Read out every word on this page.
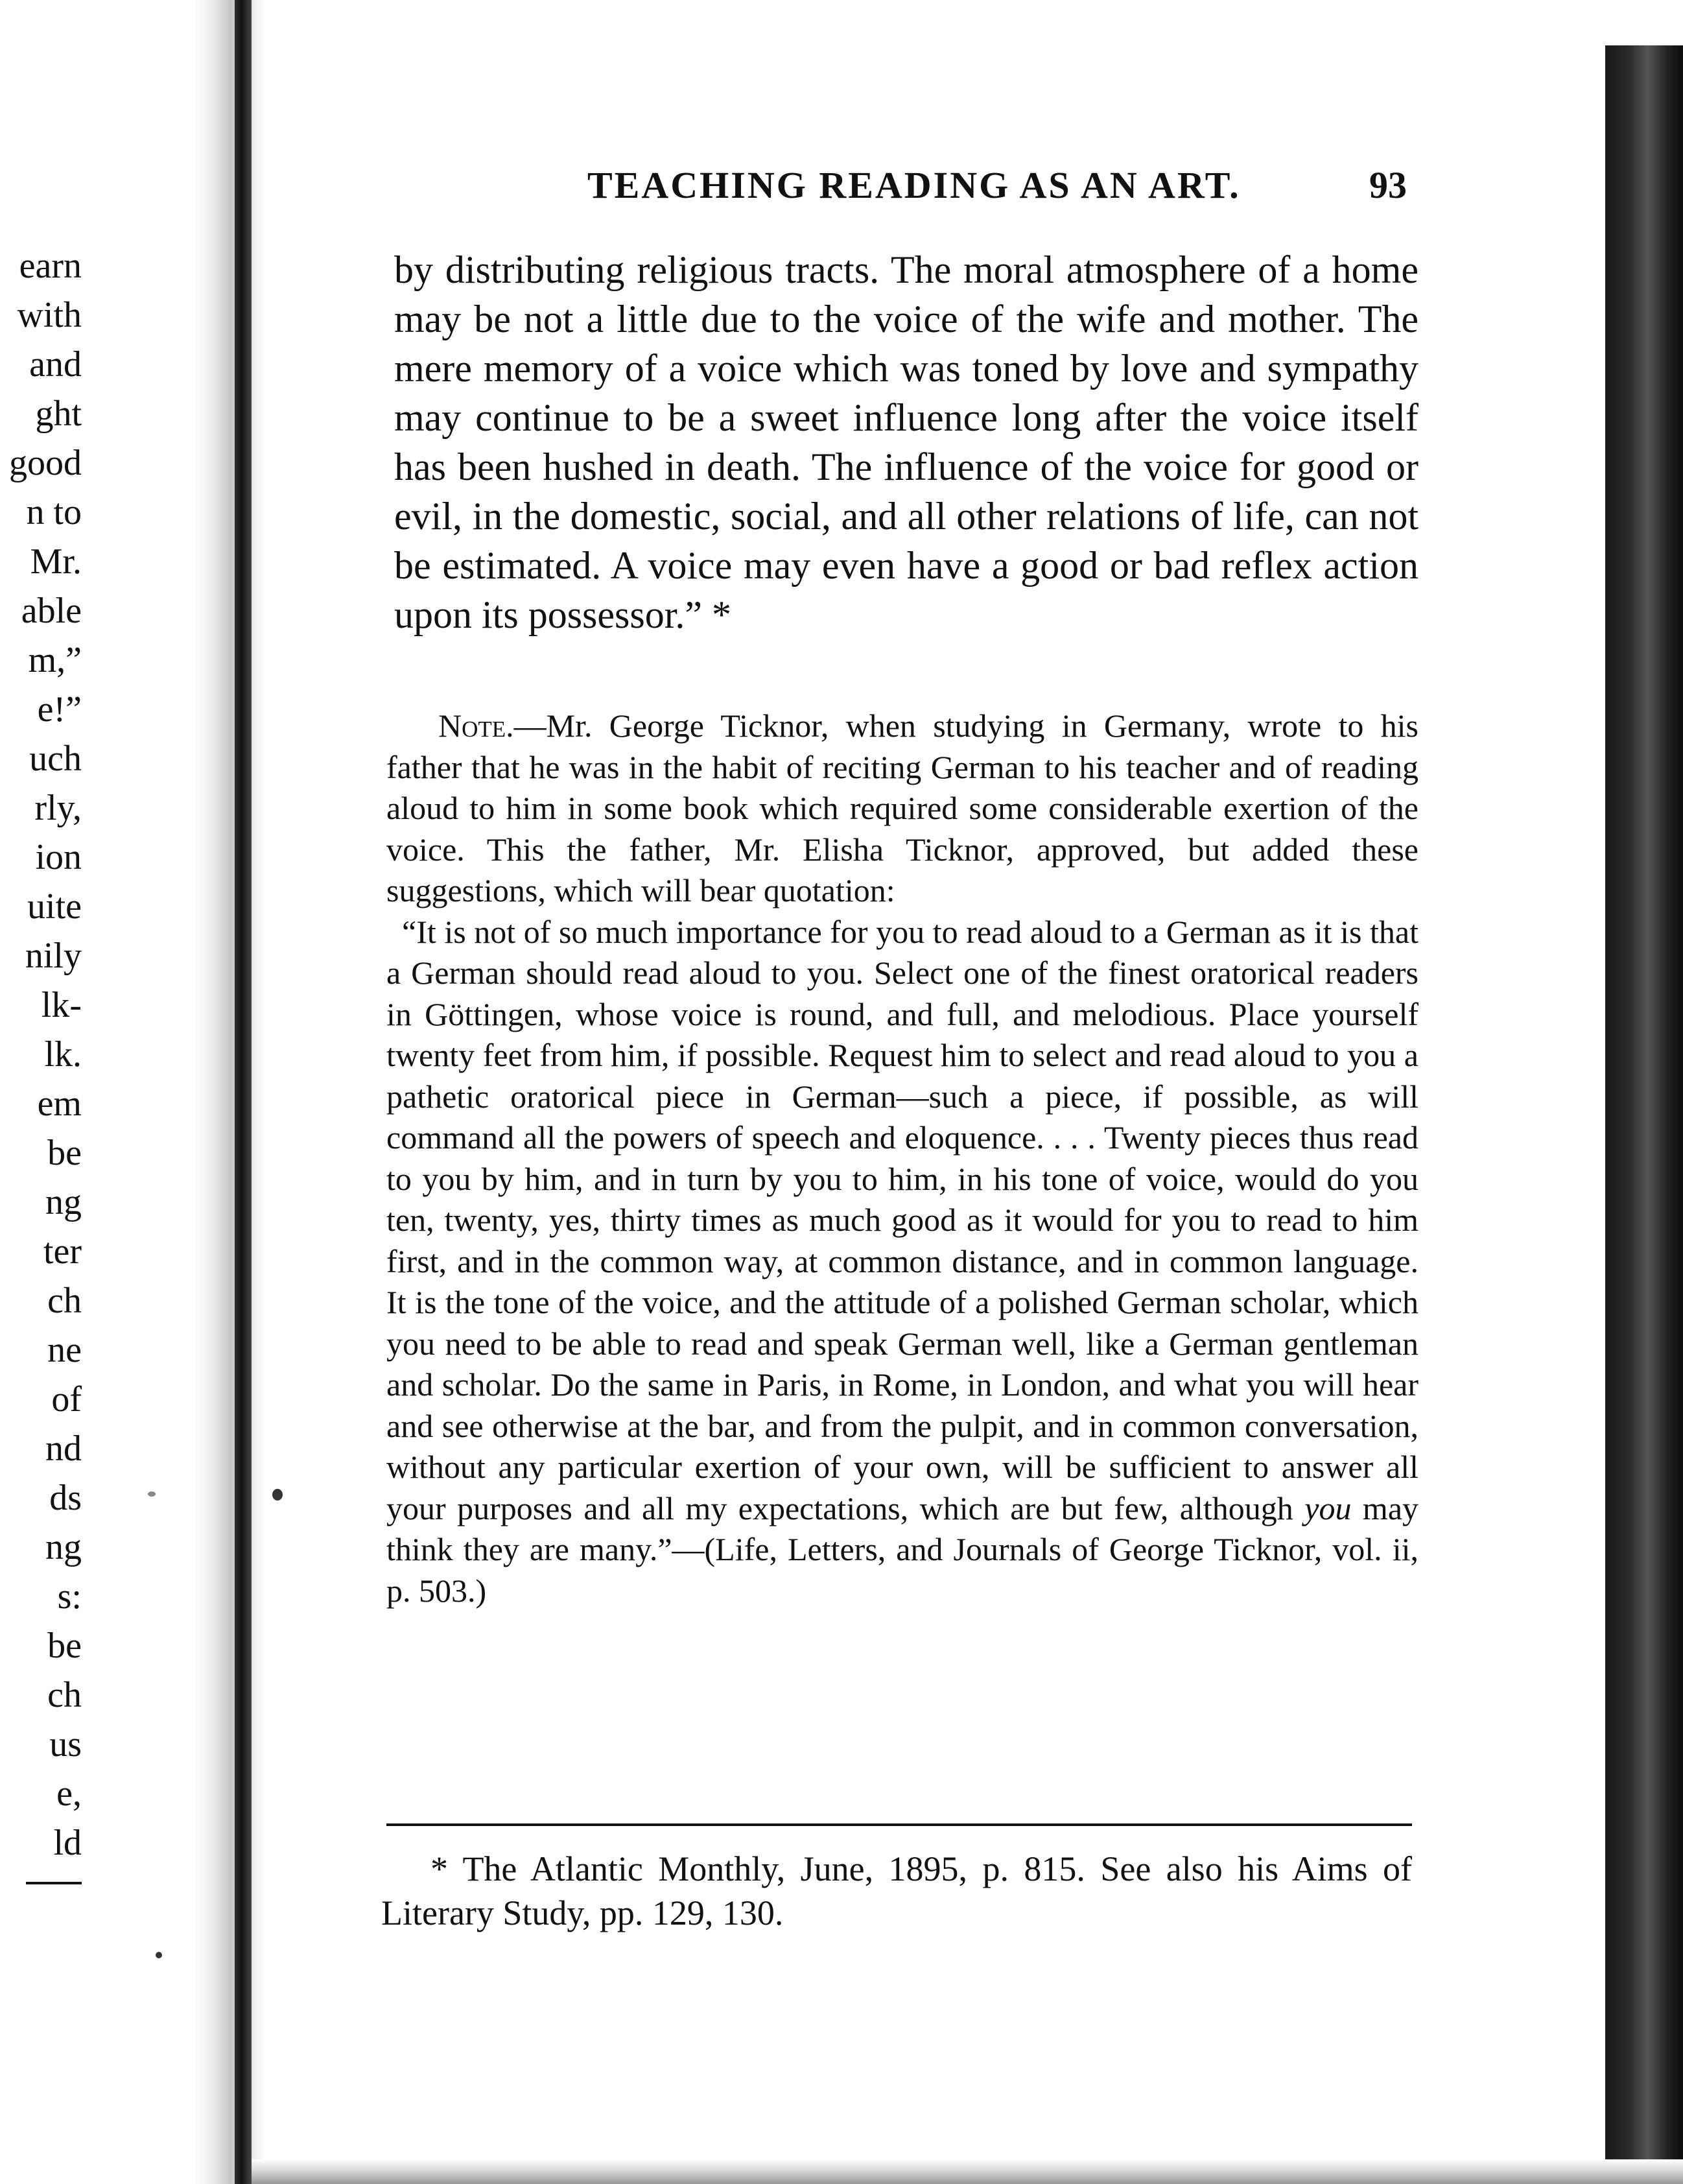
earn
with
and
ght
good
n to
Mr.
able
m,”
e!”
uch
rly,
ion
uite
nily
lk-
lk.
em
be
ng
ter
ch
ne
of
nd
ds
ng
s:
be
ch
us
e,
ld
TEACHING READING AS AN ART.	93
by distributing religious tracts. The moral atmosphere of a home may be not a little due to the voice of the wife and mother. The mere memory of a voice which was toned by love and sympathy may continue to be a sweet influence long after the voice itself has been hushed in death. The influence of the voice for good or evil, in the domestic, social, and all other relations of life, can not be estimated. A voice may even have a good or bad reflex action upon its possessor.” *

Note.—Mr. George Ticknor, when studying in Germany, wrote to his father that he was in the habit of reciting German to his teacher and of reading aloud to him in some book which required some considerable exertion of the voice. This the father, Mr. Elisha Ticknor, approved, but added these suggestions, which will bear quotation:

“It is not of so much importance for you to read aloud to a German as it is that a German should read aloud to you. Select one of the finest oratorical readers in Göttingen, whose voice is round, and full, and melodious. Place yourself twenty feet from him, if possible. Request him to select and read aloud to you a pathetic oratorical piece in German—such a piece, if possible, as will command all the powers of speech and eloquence. . . . Twenty pieces thus read to you by him, and in turn by you to him, in his tone of voice, would do you ten, twenty, yes, thirty times as much good as it would for you to read to him first, and in the common way, at common distance, and in common language. It is the tone of the voice, and the attitude of a polished German scholar, which you need to be able to read and speak German well, like a German gentleman and scholar. Do the same in Paris, in Rome, in London, and what you will hear and see otherwise at the bar, and from the pulpit, and in common conversation, without any particular exertion of your own, will be sufficient to answer all your purposes and all my expectations, which are but few, although you may think they are many.”—(Life, Letters, and Journals of George Ticknor, vol. ii, p. 503.)

* The Atlantic Monthly, June, 1895, p. 815. See also his Aims of Literary Study, pp. 129, 130.
